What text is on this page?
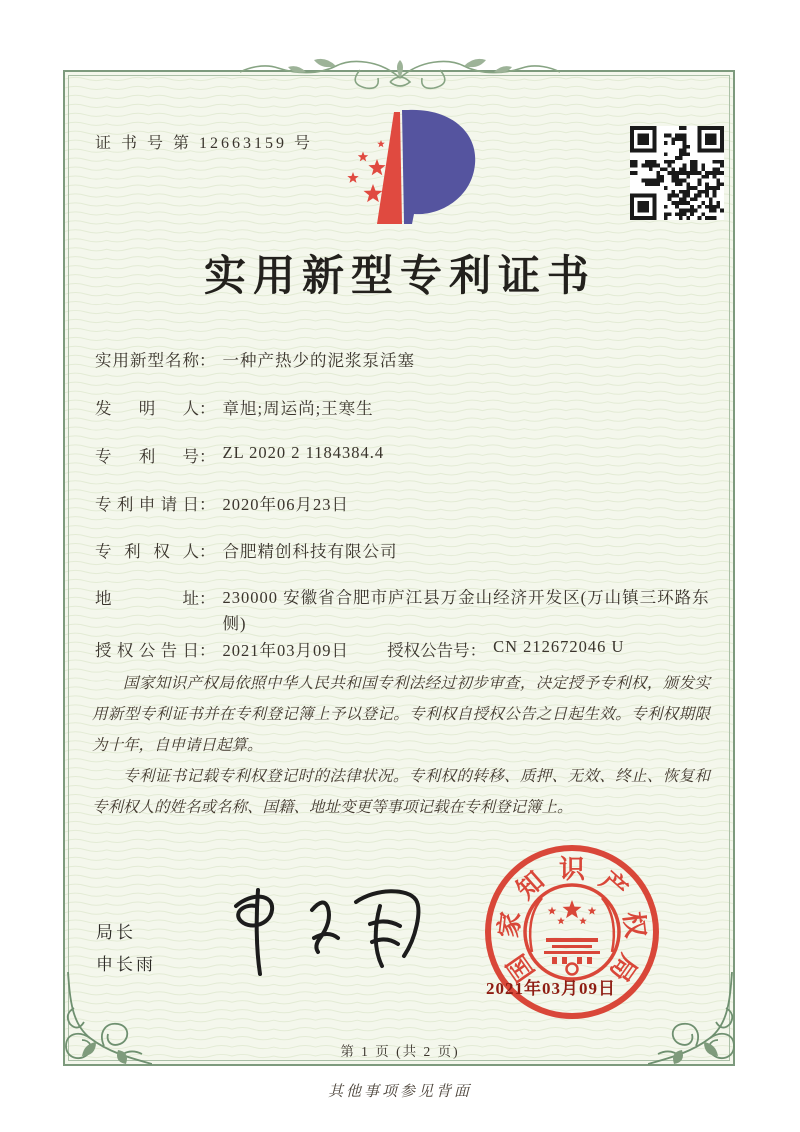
证 书 号 第 12663159 号
实用新型专利证书
实用新型名称： 一种产热少的泥浆泵活塞
发明人： 章旭;周运尚;王寒生
专利号： ZL 2020 2 1184384.4
专利申请日： 2020年06月23日
专利权人： 合肥精创科技有限公司
地址： 230000 安徽省合肥市庐江县万金山经济开发区(万山镇三环路东侧)
授权公告日： 2021年03月09日 授权公告号： CN 212672046 U

国家知识产权局依照中华人民共和国专利法经过初步审查，决定授予专利权，颁发实用新型专利证书并在专利登记簿上予以登记。专利权自授权公告之日起生效。专利权期限为十年，自申请日起算。

专利证书记载专利权登记时的法律状况。专利权的转移、质押、无效、终止、恢复和专利权人的姓名或名称、国籍、地址变更等事项记载在专利登记簿上。

局长
申长雨	国
家
知 识 产
权
局
2021年03月09日
第 1 页 (共 2 页)
其他事项参见背面
